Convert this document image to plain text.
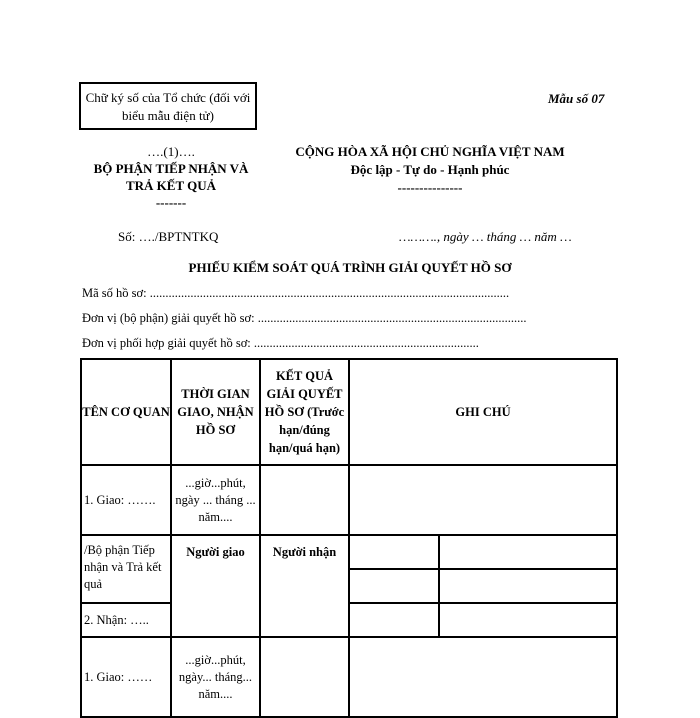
Chữ ký số của Tổ chức (đối với biểu mẫu điện tử)
Mẫu số 07
….(1)….
BỘ PHẬN TIẾP NHẬN VÀ
TRẢ KẾT QUẢ
-------
CỘNG HÒA XÃ HỘI CHỦ NGHĨA VIỆT NAM
Độc lập - Tự do - Hạnh phúc
---------------
Số: …./BPTNTKQ	………., ngày … tháng … năm …
PHIẾU KIỂM SOÁT QUÁ TRÌNH GIẢI QUYẾT HỒ SƠ
Mã số hồ sơ: ...................................................................................................................
Đơn vị (bộ phận) giải quyết hồ sơ: ......................................................................................
Đơn vị phối hợp giải quyết hồ sơ: ........................................................................
TÊN CƠ QUAN	THỜI GIAN GIAO, NHẬN HỒ SƠ	KẾT QUẢ GIẢI QUYẾT HỒ SƠ (Trước hạn/đúng hạn/quá hạn)	GHI CHÚ	
1. Giao: …….	...giờ...phút, ngày ... tháng ... năm....			
/Bộ phận Tiếp nhận và Trả kết quả	Người giao	Người nhận		

2. Nhận: …..				
1. Giao: ……	...giờ...phút, ngày... tháng... năm....			
